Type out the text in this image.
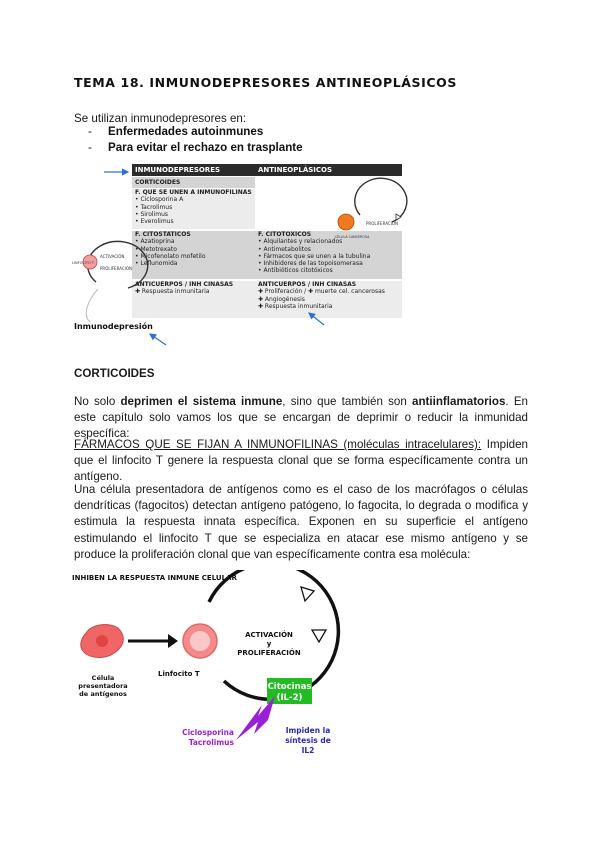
TEMA 18. INMUNODEPRESORES ANTINEOPLÁSICOS
Se utilizan inmunodepresores en:
- Enfermedades autoinmunes
- Para evitar el rechazo en trasplante
INMUNODEPRESORES	ANTINEOPLÁSICOS
CORTICOIDES
F. QUE SE UNEN A INMUNOFILINAS
• Ciclosporina A
• Tacrolimus
• Sirolimus
• Everolimus
F. CITOSTÁTICOS
• Azatioprina
• Metotrexato
• Micofenolato mofetilo
• Leflunomida
F. CITOTÓXICOS
• Alquilantes y relacionados
• Antimetabolitos
• Fármacos que se unen a la tubulina
• Inhibidores de las topoisomerasa
• Antibióticos citotóxicos
ANTICUERPOS / INH CINASAS
✚ Respuesta inmunitaria
ANTICUERPOS / INH CINASAS
✚ Proliferación / ✚ muerte cel. cancerosas
✚ Angiogénesis
✚ Respuesta inmunitaria
ACTIVACIÓN
PROLIFERACIÓN
LINFOCITO T
PROLIFERACIÓN
CÉLULA CANCEROSA
Inmunodepresión
CORTICOIDES
No solo deprimen el sistema inmune, sino que también son antiinflamatorios. En este capítulo solo vamos los que se encargan de deprimir o reducir la inmunidad específica:
FÁRMACOS QUE SE FIJAN A INMUNOFILINAS (moléculas intracelulares): Impiden que el linfocito T genere la respuesta clonal que se forma específicamente contra un antígeno.
Una célula presentadora de antígenos como es el caso de los macrófagos o células dendríticas (fagocitos) detectan antígeno patógeno, lo fagocita, lo degrada o modifica y estimula la respuesta innata específica. Exponen en su superficie el antígeno estimulando el linfocito T que se especializa en atacar ese mismo antígeno y se produce la proliferación clonal que van específicamente contra esa molécula:
INHIBEN LA RESPUESTA INMUNE CELULAR
Citocinas
(IL-2)
Célula
presentadora
de antígenos
Linfocito T
ACTIVACIÓN
y
PROLIFERACIÓN
Ciclosporina
Tacrolimus
Impiden la
síntesis de IL2
